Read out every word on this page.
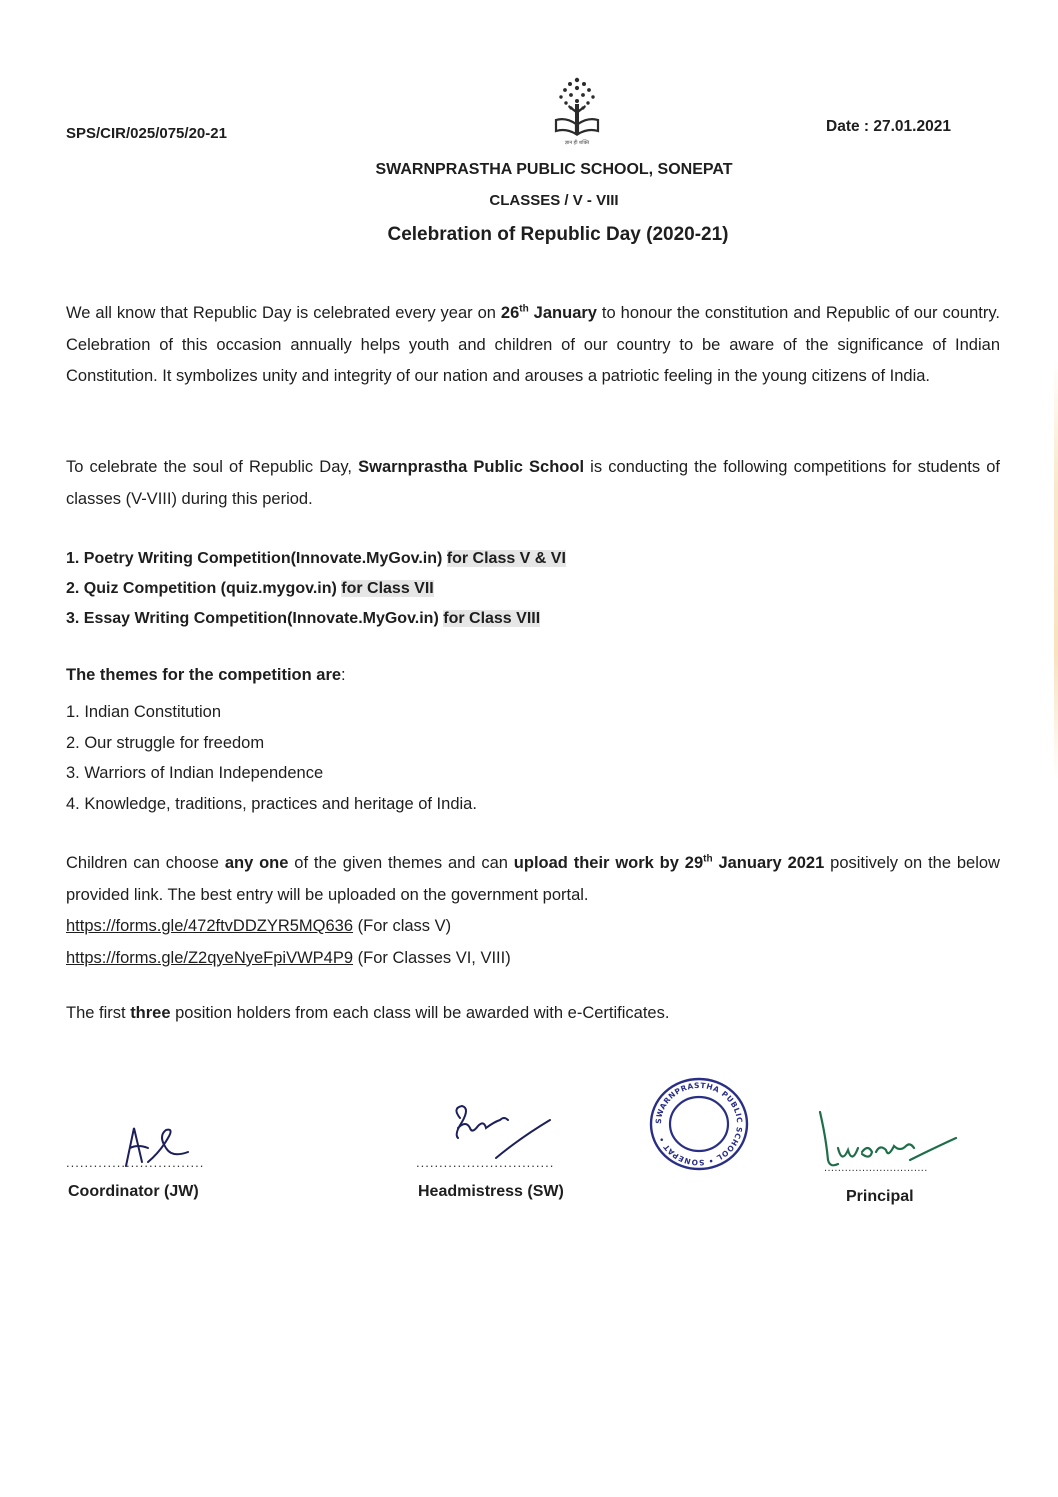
SPS/CIR/025/075/20-21
ज्ञान ही शक्ति
Date : 27.01.2021
SWARNPRASTHA PUBLIC SCHOOL, SONEPAT
CLASSES / V - VIII
Celebration of Republic Day (2020-21)
We all know that Republic Day is celebrated every year on 26th January to honour the constitution and Republic of our country. Celebration of this occasion annually helps youth and children of our country to be aware of the significance of Indian Constitution. It symbolizes unity and integrity of our nation and arouses a patriotic feeling in the young citizens of India.
To celebrate the soul of Republic Day, Swarnprastha Public School is conducting the following competitions for students of classes (V-VIII) during this period.
1. Poetry Writing Competition(Innovate.MyGov.in) for Class V & VI
2. Quiz Competition (quiz.mygov.in) for Class VII
3. Essay Writing Competition(Innovate.MyGov.in) for Class VIII
The themes for the competition are:
1. Indian Constitution
2. Our struggle for freedom
3. Warriors of Indian Independence
4. Knowledge, traditions, practices and heritage of India.
Children can choose any one of the given themes and can upload their work by 29th January 2021 positively on the below provided link. The best entry will be uploaded on the government portal.
https://forms.gle/472ftvDDZYR5MQ636 (For class V)
https://forms.gle/Z2qyeNyeFpiVWP4P9 (For Classes VI, VIII)
The first three position holders from each class will be awarded with e-Certificates.
..............................
Coordinator (JW)
..............................
Headmistress (SW)
SWARNPRASTHA PUBLIC SCHOOL • SONEPAT •
..............................
Principal
